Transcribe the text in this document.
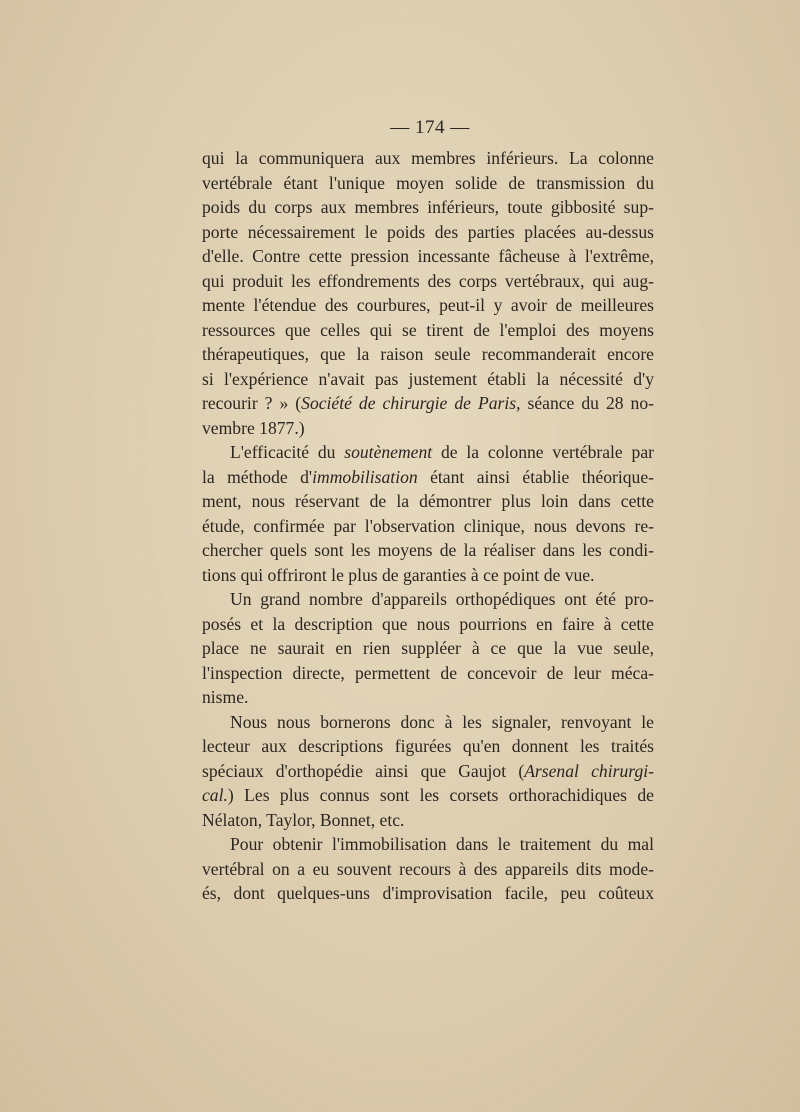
— 174 —

qui la communiquera aux membres inférieurs. La colonne
vertébrale étant l'unique moyen solide de transmission du
poids du corps aux membres inférieurs, toute gibbosité sup-
porte nécessairement le poids des parties placées au-dessus
d'elle. Contre cette pression incessante fâcheuse à l'extrême,
qui produit les effondrements des corps vertébraux, qui aug-
mente l'étendue des courbures, peut-il y avoir de meilleures
ressources que celles qui se tirent de l'emploi des moyens
thérapeutiques, que la raison seule recommanderait encore
si l'expérience n'avait pas justement établi la nécessité d'y
recourir ? » (Société de chirurgie de Paris, séance du 28 no-
vembre 1877.)

L'efficacité du soutènement de la colonne vertébrale par
la méthode d'immobilisation étant ainsi établie théorique-
ment, nous réservant de la démontrer plus loin dans cette
étude, confirmée par l'observation clinique, nous devons re-
chercher quels sont les moyens de la réaliser dans les condi-
tions qui offriront le plus de garanties à ce point de vue.

Un grand nombre d'appareils orthopédiques ont été pro-
posés et la description que nous pourrions en faire à cette
place ne saurait en rien suppléer à ce que la vue seule,
l'inspection directe, permettent de concevoir de leur méca-
nisme.

Nous nous bornerons donc à les signaler, renvoyant le
lecteur aux descriptions figurées qu'en donnent les traités
spéciaux d'orthopédie ainsi que Gaujot (Arsenal chirurgi-
cal.) Les plus connus sont les corsets orthorachidiques de
Nélaton, Taylor, Bonnet, etc.

Pour obtenir l'immobilisation dans le traitement du mal
vertébral on a eu souvent recours à des appareils dits mode-
és, dont quelques-uns d'improvisation facile, peu coûteux
